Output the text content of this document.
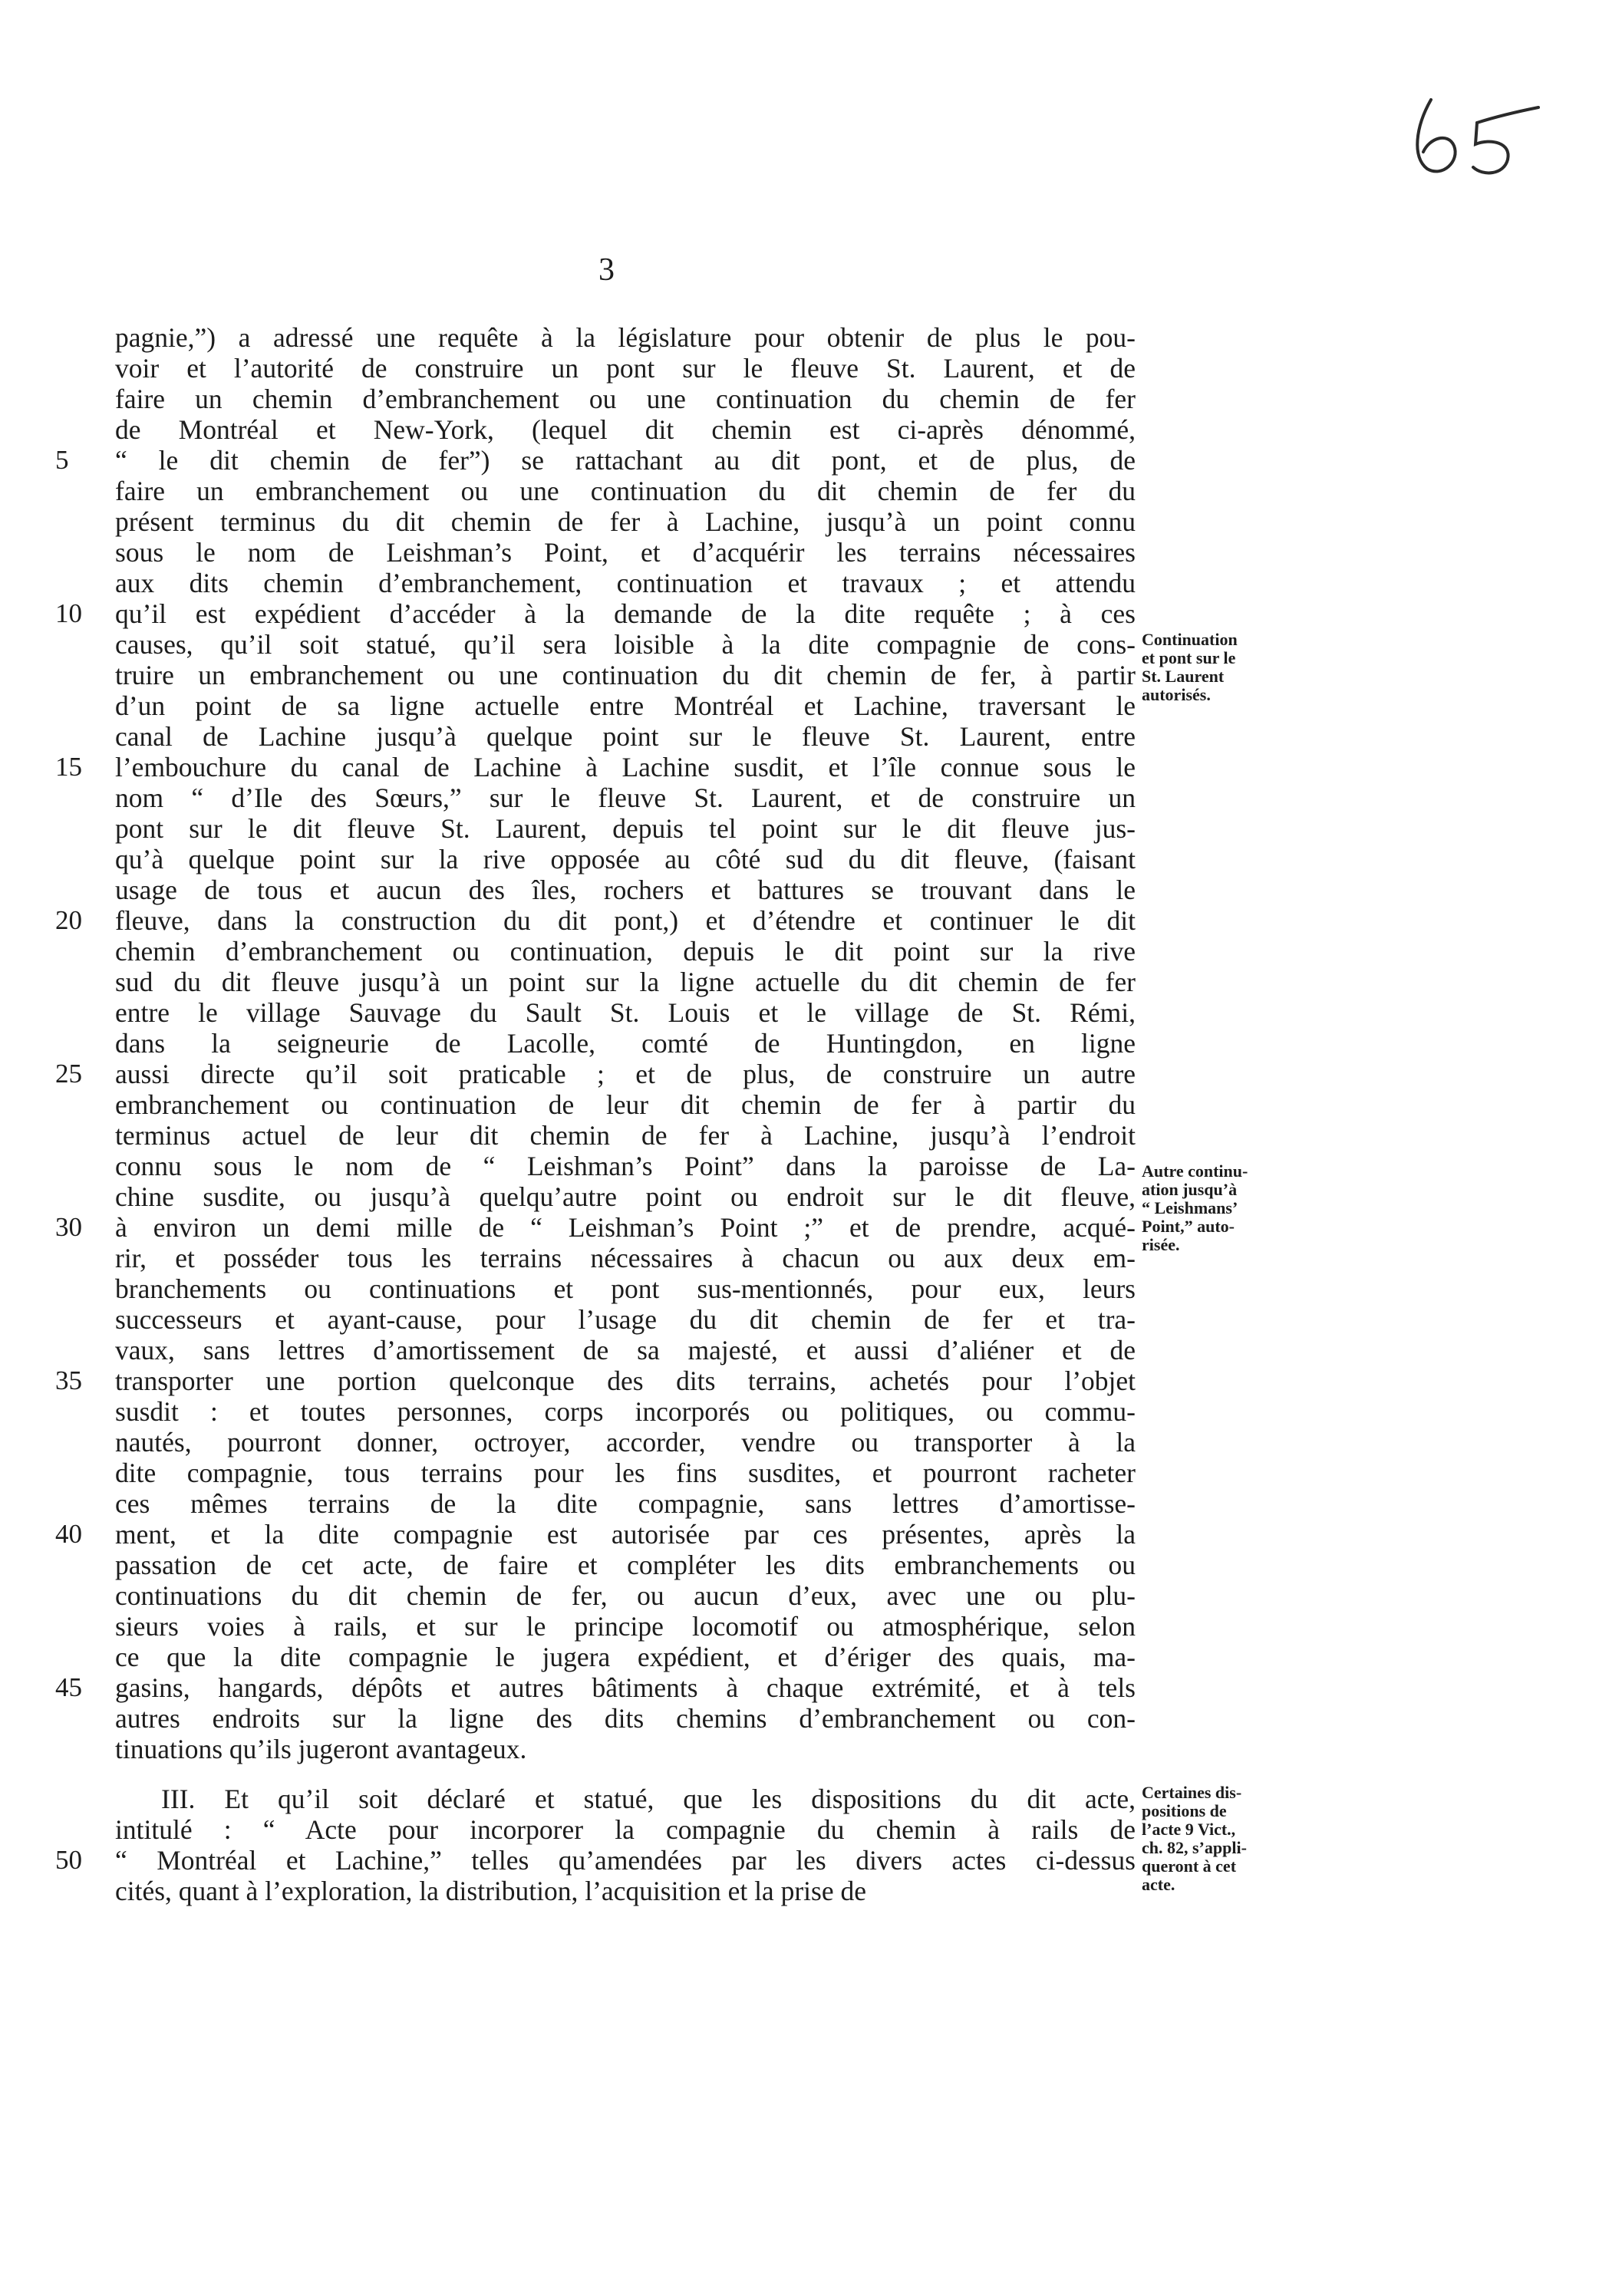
3
pagnie,”) a adressé une requête à la législature pour obtenir de plus le pou-
voir et l’autorité de construire un pont sur le fleuve St. Laurent, et de
faire un chemin d’embranchement ou une continuation du chemin de fer
de Montréal et New-York, (lequel dit chemin est ci-après dénommé,
“ le dit chemin de fer”) se rattachant au dit pont, et de plus, de
5
faire un embranchement ou une continuation du dit chemin de fer du
présent terminus du dit chemin de fer à Lachine, jusqu’à un point connu
sous le nom de Leishman’s Point, et d’acquérir les terrains nécessaires
aux dits chemin d’embranchement, continuation et travaux ; et attendu
qu’il est expédient d’accéder à la demande de la dite requête ; à ces
10
causes, qu’il soit statué, qu’il sera loisible à la dite compagnie de cons-
truire un embranchement ou une continuation du dit chemin de fer, à partir
d’un point de sa ligne actuelle entre Montréal et Lachine, traversant le
canal de Lachine jusqu’à quelque point sur le fleuve St. Laurent, entre
l’embouchure du canal de Lachine à Lachine susdit, et l’île connue sous le
15
nom “ d’Ile des Sœurs,” sur le fleuve St. Laurent, et de construire un
pont sur le dit fleuve St. Laurent, depuis tel point sur le dit fleuve jus-
qu’à quelque point sur la rive opposée au côté sud du dit fleuve, (faisant
usage de tous et aucun des îles, rochers et battures se trouvant dans le
fleuve, dans la construction du dit pont,) et d’étendre et continuer le dit
20
chemin d’embranchement ou continuation, depuis le dit point sur la rive
sud du dit fleuve jusqu’à un point sur la ligne actuelle du dit chemin de fer
entre le village Sauvage du Sault St. Louis et le village de St. Rémi,
dans la seigneurie de Lacolle, comté de Huntingdon, en ligne
aussi directe qu’il soit praticable ; et de plus, de construire un autre
25
embranchement ou continuation de leur dit chemin de fer à partir du
terminus actuel de leur dit chemin de fer à Lachine, jusqu’à l’endroit
connu sous le nom de “ Leishman’s Point” dans la paroisse de La-
chine susdite, ou jusqu’à quelqu’autre point ou endroit sur le dit fleuve,
à environ un demi mille de “ Leishman’s Point ;” et de prendre, acqué-
30
rir, et posséder tous les terrains nécessaires à chacun ou aux deux em-
branchements ou continuations et pont sus-mentionnés, pour eux, leurs
successeurs et ayant-cause, pour l’usage du dit chemin de fer et tra-
vaux, sans lettres d’amortissement de sa majesté, et aussi d’aliéner et de
transporter une portion quelconque des dits terrains, achetés pour l’objet
35
susdit : et toutes personnes, corps incorporés ou politiques, ou commu-
nautés, pourront donner, octroyer, accorder, vendre ou transporter à la
dite compagnie, tous terrains pour les fins susdites, et pourront racheter
ces mêmes terrains de la dite compagnie, sans lettres d’amortisse-
ment, et la dite compagnie est autorisée par ces présentes, après la
40
passation de cet acte, de faire et compléter les dits embranchements ou
continuations du dit chemin de fer, ou aucun d’eux, avec une ou plu-
sieurs voies à rails, et sur le principe locomotif ou atmosphérique, selon
ce que la dite compagnie le jugera expédient, et d’ériger des quais, ma-
gasins, hangards, dépôts et autres bâtiments à chaque extrémité, et à tels
45
autres endroits sur la ligne des dits chemins d’embranchement ou con-
tinuations qu’ils jugeront avantageux.
III. Et qu’il soit déclaré et statué, que les dispositions du dit acte,
intitulé : “ Acte pour incorporer la compagnie du chemin à rails de
“ Montréal et Lachine,” telles qu’amendées par les divers actes ci-dessus
50
cités, quant à l’exploration, la distribution, l’acquisition et la prise de
Continuation
et pont sur le
St. Laurent
autorisés.
Autre continu-
ation jusqu’à
“ Leishmans’
Point,” auto-
risée.
Certaines dis-
positions de
l’acte 9 Vict.,
ch. 82, s’appli-
queront à cet
acte.
